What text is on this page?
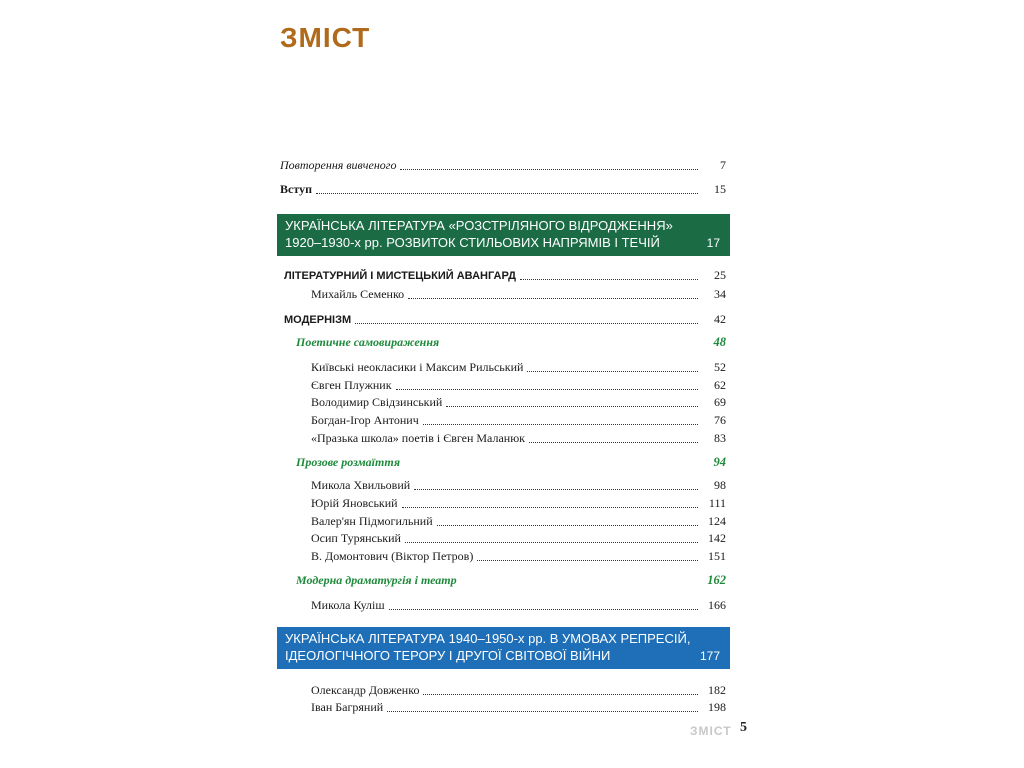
ЗМІСТ
Повторення вивченого	7
Вступ	15
УКРАЇНСЬКА ЛІТЕРАТУРА «РОЗСТРІЛЯНОГО ВІДРОДЖЕННЯ»
1920–1930-х рр. РОЗВИТОК СТИЛЬОВИХ НАПРЯМІВ І ТЕЧІЙ	17
ЛІТЕРАТУРНИЙ І МИСТЕЦЬКИЙ АВАНГАРД	25
Михайль Семенко	34
МОДЕРНІЗМ	42
Поетичне самовираження	48
Київські неокласики і Максим Рильський	52
Євген Плужник	62
Володимир Свідзинський	69
Богдан-Ігор Антонич	76
«Празька школа» поетів і Євген Маланюк	83
Прозове розмаїття	94
Микола Хвильовий	98
Юрій Яновський	111
Валер'ян Підмогильний	124
Осип Турянський	142
В. Домонтович (Віктор Петров)	151
Модерна драматургія і театр	162
Микола Куліш	166
УКРАЇНСЬКА ЛІТЕРАТУРА 1940–1950-х рр. В УМОВАХ РЕПРЕСІЙ,
ІДЕОЛОГІЧНОГО ТЕРОРУ І ДРУГОЇ СВІТОВОЇ ВІЙНИ	177
Олександр Довженко	182
Іван Багряний	198
ЗМІСТ 5
